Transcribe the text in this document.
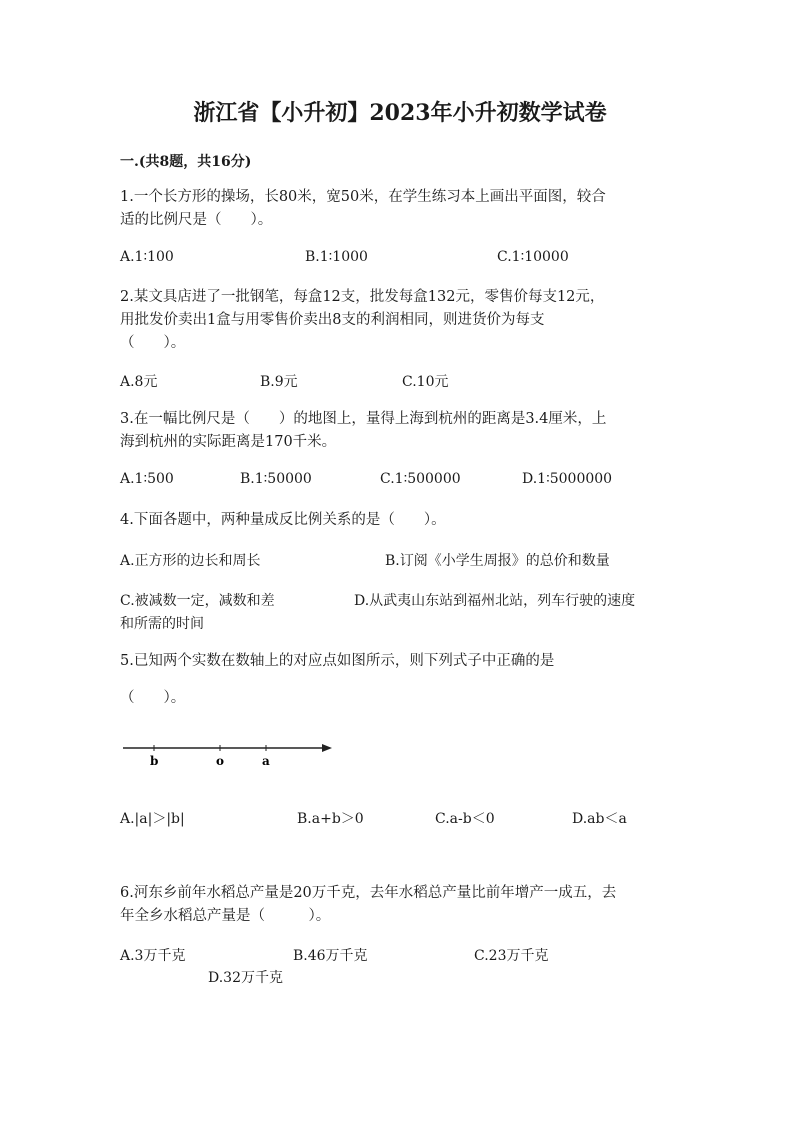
浙江省【小升初】2023年小升初数学试卷
一.(共8题，共16分)
1.一个长方形的操场，长80米，宽50米，在学生练习本上画出平面图，较合
适的比例尺是（　　）。
A.1∶100	B.1∶1000	C.1∶10000
2.某文具店进了一批钢笔，每盒12支，批发每盒132元，零售价每支12元，
用批发价卖出1盒与用零售价卖出8支的利润相同，则进货价为每支
（　　）。
A.8元	B.9元	C.10元
3.在一幅比例尺是（　　）的地图上，量得上海到杭州的距离是3.4厘米，上
海到杭州的实际距离是170千米。
A.1∶500	B.1∶50000	C.1∶500000	D.1∶5000000
4.下面各题中，两种量成反比例关系的是（　　）。
A.正方形的边长和周长	B.订阅《小学生周报》的总价和数量
C.被减数一定，减数和差	D.从武夷山东站到福州北站，列车行驶的速度
和所需的时间
5.已知两个实数在数轴上的对应点如图所示，则下列式子中正确的是
（　　）。
b	o	a
A.|a|＞|b|	B.a+b＞0	C.a-b＜0	D.ab＜a
6.河东乡前年水稻总产量是20万千克，去年水稻总产量比前年增产一成五，去
年全乡水稻总产量是（　　　）。
A.3万千克	B.46万千克	C.23万千克
D.32万千克
